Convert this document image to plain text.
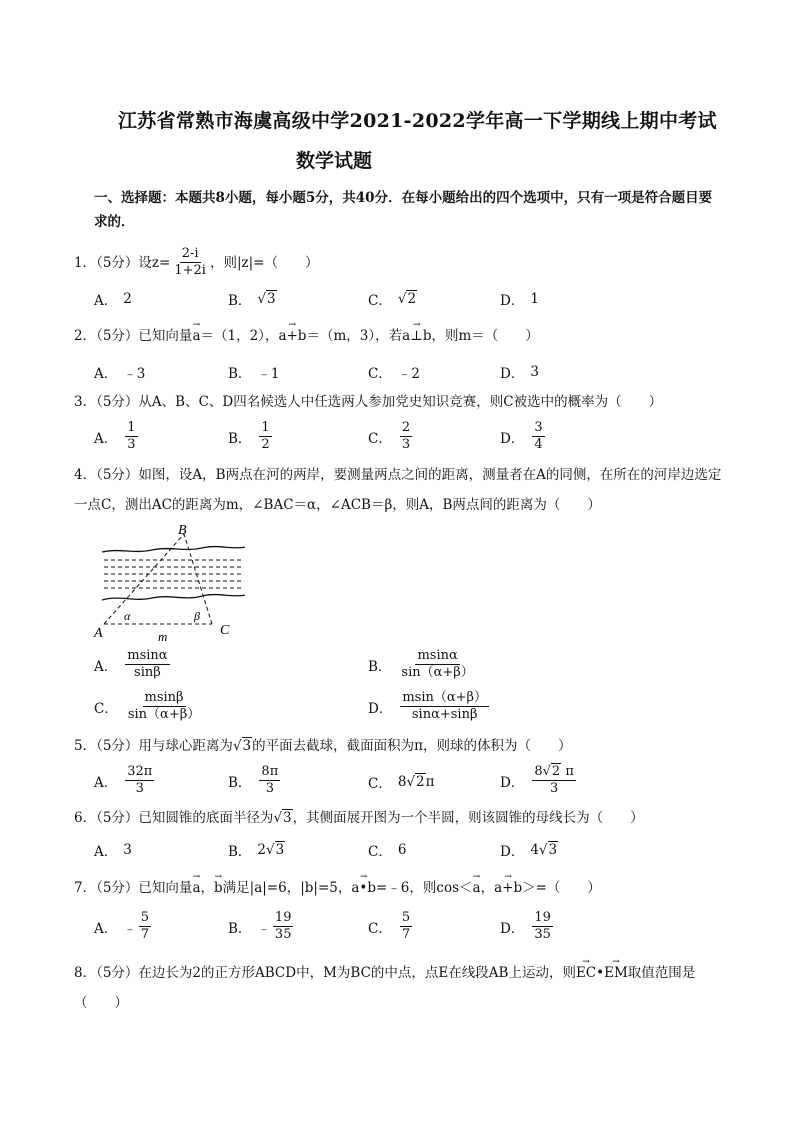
江苏省常熟市海虞高级中学2021-2022学年高一下学期线上期中考试
数学试题
一、选择题：本题共8小题，每小题5分，共40分．在每小题给出的四个选项中，只有一项是符合题目要求的．
1．（5分）设$z= \frac{2-i}{1+2i}$ ，则|z|=（　　）
A． 2	B． √3	C． √2	D． 1
2．（5分）已知向量→ a＝（1，2），→ a+b＝（m，3），若→ a⊥b，则m＝（　　）
A． ﹣3	B． ﹣1	C． ﹣2	D． 3
3．（5分）从A、B、C、D四名候选人中任选两人参加党史知识竞赛，则C被选中的概率为（　　）
A． $\frac{1}{3}$	B． $\frac{1}{2}$	C． $\frac{2}{3}$	D． $\frac{3}{4}$
4．（5分）如图，设A，B两点在河的两岸，要测量两点之间的距离，测量者在A的同侧，在所在的河岸边选定一点C，测出AC的距离为m，∠BAC＝α，∠ACB＝β，则A，B两点间的距离为（　　）
B
A	C
m
α	β
A． $\frac{msin\alpha}{\sin\beta}$	B． $\frac{msin\alpha}{\sin(\alpha+\beta)}$
C． $\frac{msin\beta}{\sin(\alpha+\beta)}$	D． $\frac{msin(\alpha+\beta)}{\sin\alpha+\sin\beta}$
5．（5分）用与球心距离为√3的平面去截球，截面面积为π，则球的体积为（　　）
A． $\frac{32\pi}{3}$	B． $\frac{8\pi}{3}$	C． 8 √2 π	D． $\frac{8√2 \pi}{3}$
6．（5分）已知圆锥的底面半径为√3，其侧面展开图为一个半圆，则该圆锥的母线长为（　　）
A． 3	B． 2 √3	C． 6	D． 4 √3
7．（5分）已知向量→ a，→ b满足|a|=6，|b|=5，→ a•b=﹣6，则cos＜→ a，→ a+b＞=（　　）
A． ﹣ $\frac{5}{7}$	B． ﹣ $\frac{19}{35}$	C． $\frac{5}{7}$	D． $\frac{19}{35}$
8．（5分）在边长为2的正方形ABCD中，M为BC的中点，点E在线段AB上运动，则→ EC•→ EM取值范围是（　　）
